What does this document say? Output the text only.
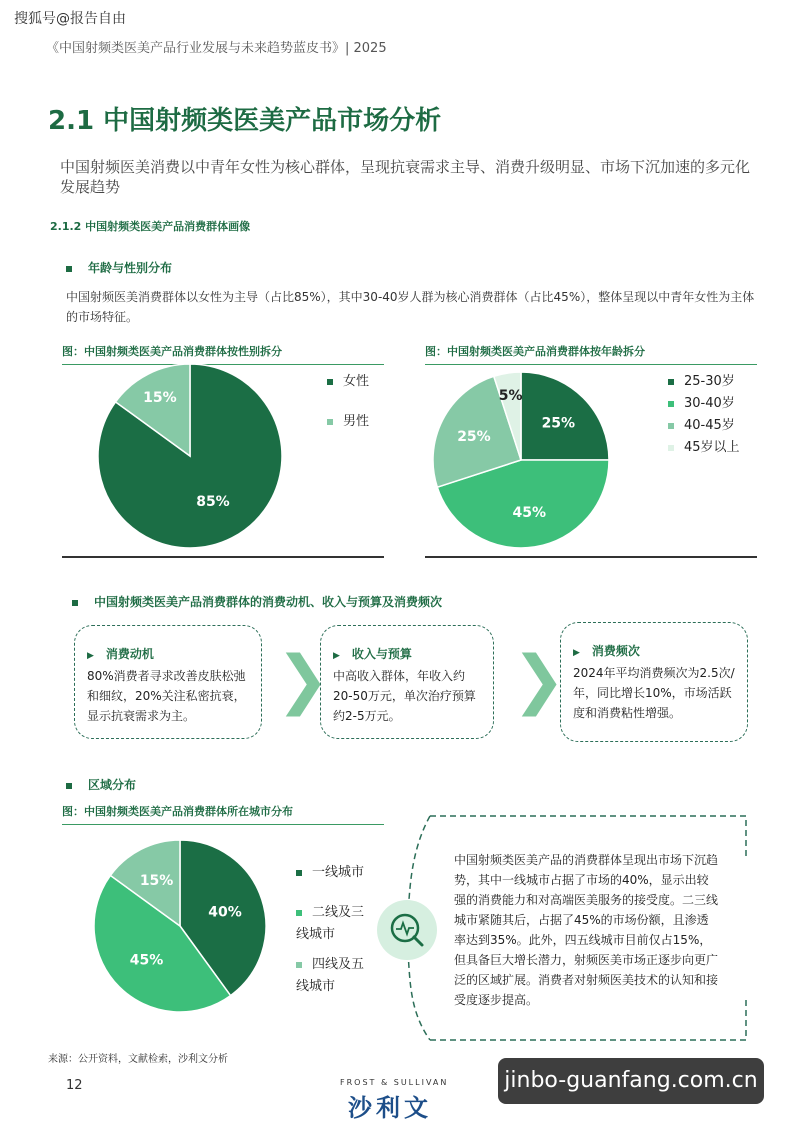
搜狐号@报告自由
《中国射频类医美产品行业发展与未来趋势蓝皮书》| 2025
2.1 中国射频类医美产品市场分析
中国射频医美消费以中青年女性为核心群体，呈现抗衰需求主导、消费升级明显、市场下沉加速的多元化发展趋势
2.1.2 中国射频类医美产品消费群体画像
年龄与性别分布
中国射频医美消费群体以女性为主导（占比85%），其中30-40岁人群为核心消费群体（占比45%），整体呈现以中青年女性为主体的市场特征。
图：中国射频类医美产品消费群体按性别拆分
85%
15%
女性
男性
图：中国射频类医美产品消费群体按年龄拆分
25%
45%
25%
5%
25-30岁
30-40岁
40-45岁
45岁以上
中国射频类医美产品消费群体的消费动机、收入与预算及消费频次
▶ 消费动机
80%消费者寻求改善皮肤松弛和细纹，20%关注私密抗衰，显示抗衰需求为主。	❯ ▶ 收入与预算
中高收入群体，年收入约20-50万元，单次治疗预算约2-5万元。	❯ ▶ 消费频次
2024年平均消费频次为2.5次/年，同比增长10%，市场活跃度和消费粘性增强。
区域分布
图：中国射频类医美产品消费群体所在城市分布
40%
45%
15%
一线城市
二线及三
线城市
四线及五
线城市
中国射频类医美产品的消费群体呈现出市场下沉趋势，其中一线城市占据了市场的40%，显示出较强的消费能力和对高端医美服务的接受度。二三线城市紧随其后，占据了45%的市场份额，且渗透率达到35%。此外，四五线城市目前仅占15%，但具备巨大增长潜力，射频医美市场正逐步向更广泛的区域扩展。消费者对射频医美技术的认知和接受度逐步提高。
来源：公开资料，文献检索，沙利文分析
12	FROST & SULLIVAN
沙利文
jinbo-guanfang.com.cn
